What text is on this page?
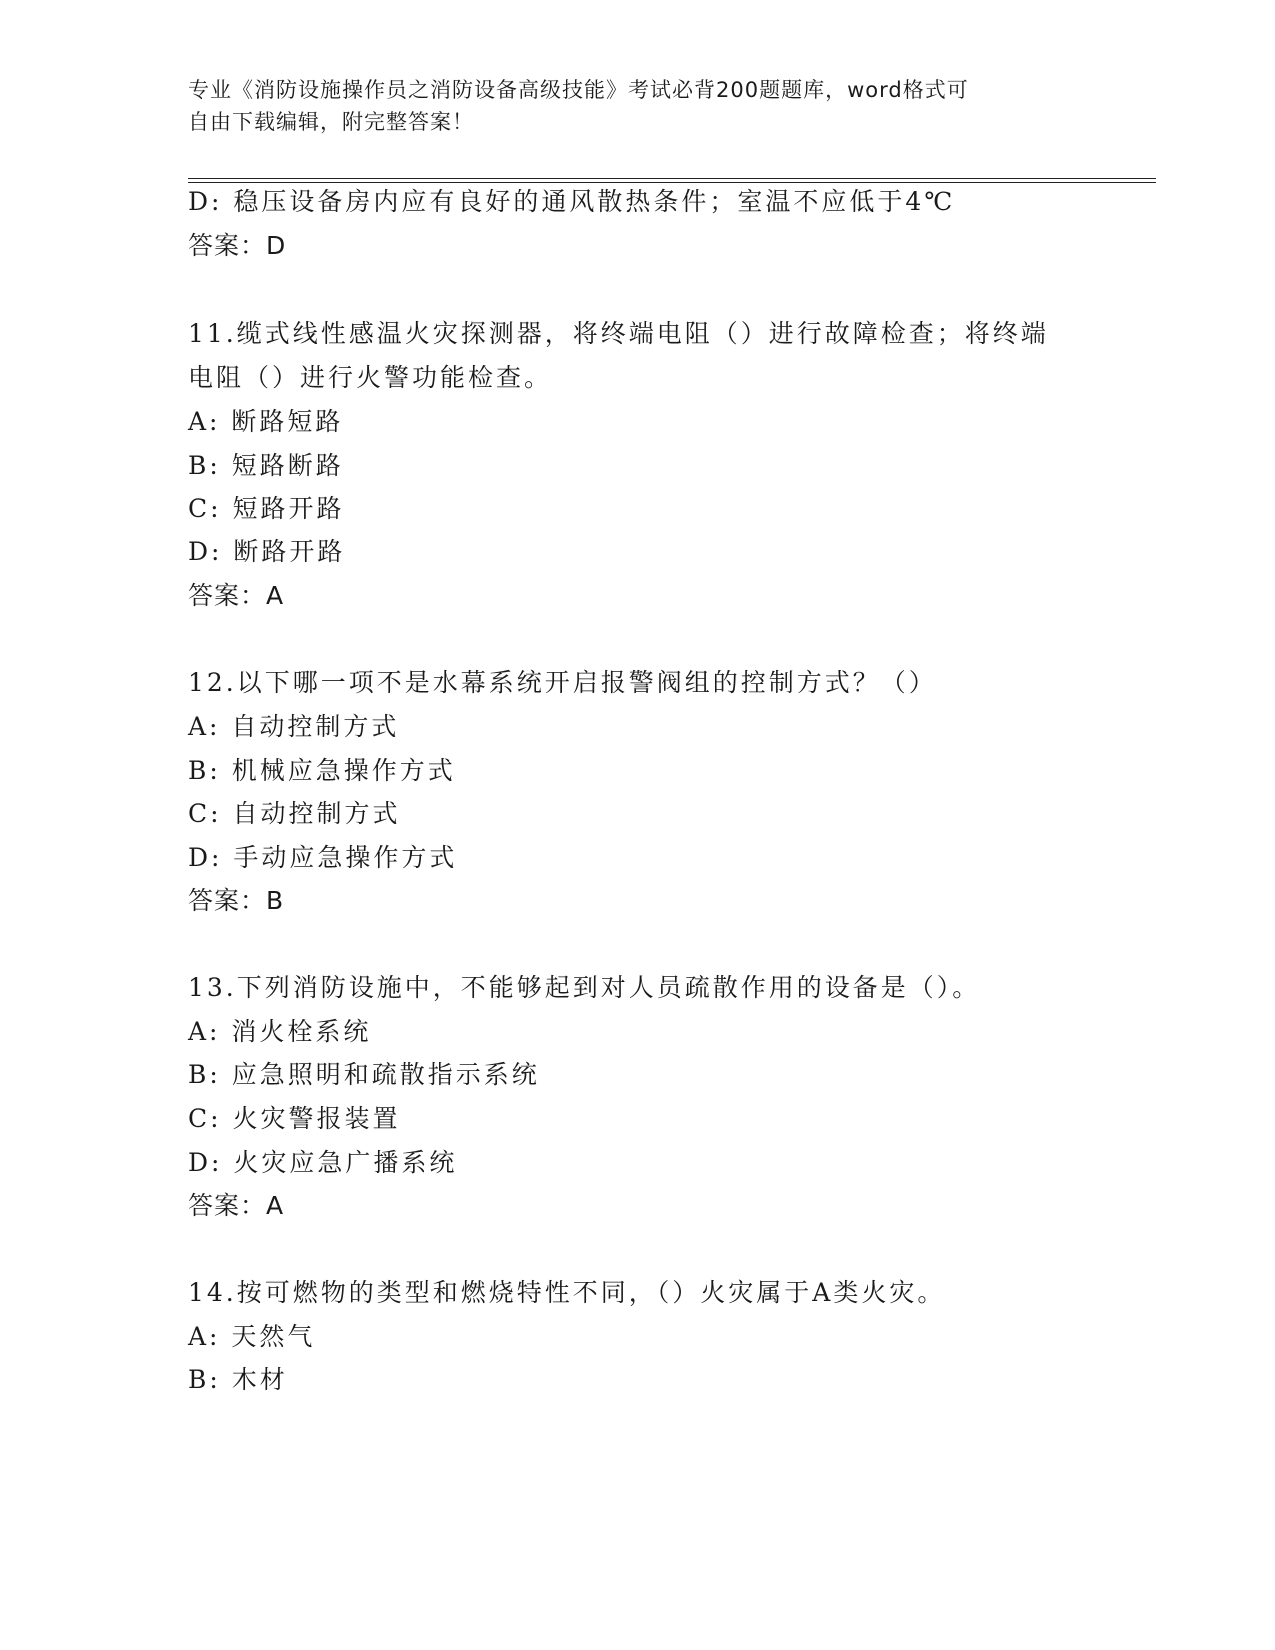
专业《消防设施操作员之消防设备高级技能》考试必背200题题库，word格式可
自由下载编辑，附完整答案！
D: 稳压设备房内应有良好的通风散热条件；室温不应低于4℃
答案：D
11.缆式线性感温火灾探测器，将终端电阻（）进行故障检查；将终端
电阻（）进行火警功能检查。
A: 断路短路
B: 短路断路
C: 短路开路
D: 断路开路
答案：A
12.以下哪一项不是水幕系统开启报警阀组的控制方式？（）
A: 自动控制方式
B: 机械应急操作方式
C: 自动控制方式
D: 手动应急操作方式
答案：B
13.下列消防设施中，不能够起到对人员疏散作用的设备是（）。
A: 消火栓系统
B: 应急照明和疏散指示系统
C: 火灾警报装置
D: 火灾应急广播系统
答案：A
14.按可燃物的类型和燃烧特性不同，（）火灾属于A类火灾。
A: 天然气
B: 木材
